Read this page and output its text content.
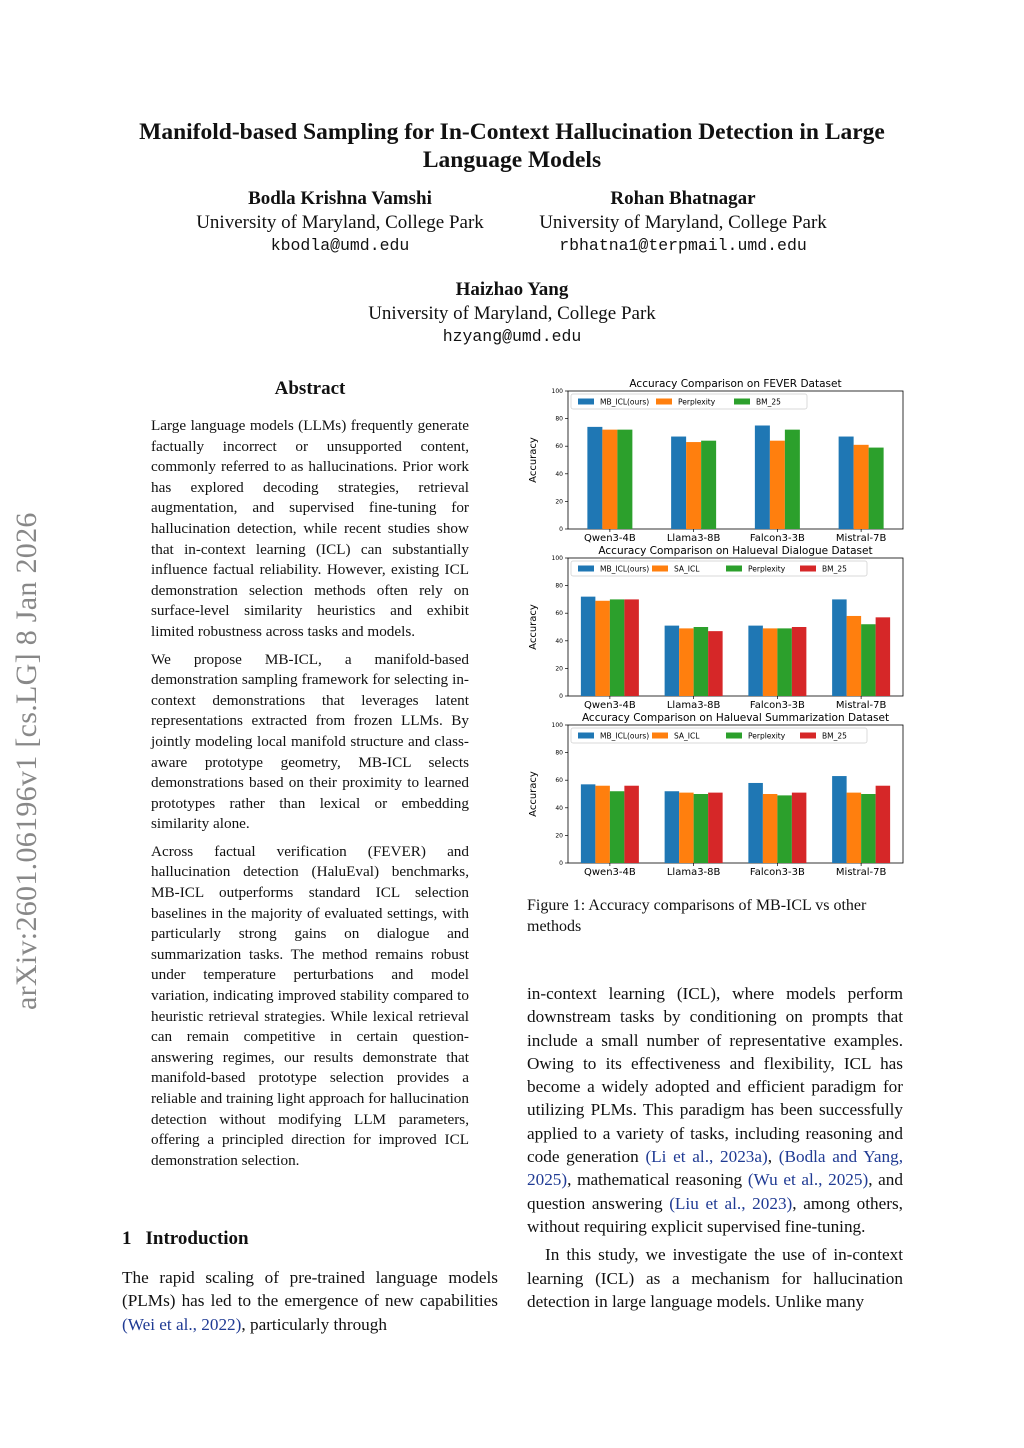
arXiv:2601.06196v1 [cs.LG] 8 Jan 2026
Manifold-based Sampling for In-Context Hallucination Detection in Large
Language Models
Bodla Krishna Vamshi
University of Maryland, College Park
kbodla@umd.edu
Rohan Bhatnagar
University of Maryland, College Park
rbhatna1@terpmail.umd.edu
Haizhao Yang
University of Maryland, College Park
hzyang@umd.edu
Abstract

Large language models (LLMs) frequently generate factually incorrect or unsupported content, commonly referred to as hallucinations. Prior work has explored decoding strategies, retrieval augmentation, and supervised fine-tuning for hallucination detection, while recent studies show that in-context learning (ICL) can substantially influence factual reliability. However, existing ICL demonstration selection methods often rely on surface-level similarity heuristics and exhibit limited robustness across tasks and models.

We propose MB-ICL, a manifold-based demonstration sampling framework for selecting in-context demonstrations that leverages latent representations extracted from frozen LLMs. By jointly modeling local manifold structure and class-aware prototype geometry, MB-ICL selects demonstrations based on their proximity to learned prototypes rather than lexical or embedding similarity alone.

Across factual verification (FEVER) and hallucination detection (HaluEval) benchmarks, MB-ICL outperforms standard ICL selection baselines in the majority of evaluated settings, with particularly strong gains on dialogue and summarization tasks. The method remains robust under temperature perturbations and model variation, indicating improved stability compared to heuristic retrieval strategies. While lexical retrieval can remain competitive in certain question-answering regimes, our results demonstrate that manifold-based prototype selection provides a reliable and training light approach for hallucination detection without modifying LLM parameters, offering a principled direction for improved ICL demonstration selection.

1 Introduction
The rapid scaling of pre-trained language models (PLMs) has led to the emergence of new capabilities (Wei et al., 2022), particularly through
Accuracy Comparison on FEVER Dataset
Accuracy
0
20
40
60
80
100
Qwen3-4B	Llama3-8B	Falcon3-3B	Mistral-7B
MB_ICL(ours)	Perplexity	BM_25
Accuracy Comparison on Halueval Dialogue Dataset
Accuracy
0
20
40
60
80
100
Qwen3-4B	Llama3-8B	Falcon3-3B	Mistral-7B
MB_ICL(ours)	SA_ICL	Perplexity	BM_25
Accuracy Comparison on Halueval Summarization Dataset
Accuracy
0
20
40
60
80
100
Qwen3-4B	Llama3-8B	Falcon3-3B	Mistral-7B
MB_ICL(ours)	SA_ICL	Perplexity	BM_25
Figure 1: Accuracy comparisons of MB-ICL vs other methods

in-context learning (ICL), where models perform downstream tasks by conditioning on prompts that include a small number of representative examples. Owing to its effectiveness and flexibility, ICL has become a widely adopted and efficient paradigm for utilizing PLMs. This paradigm has been successfully applied to a variety of tasks, including reasoning and code generation (Li et al., 2023a), (Bodla and Yang, 2025), mathematical reasoning (Wu et al., 2025), and question answering (Liu et al., 2023), among others, without requiring explicit supervised fine-tuning.

In this study, we investigate the use of in-context learning (ICL) as a mechanism for hallucination detection in large language models. Unlike many
